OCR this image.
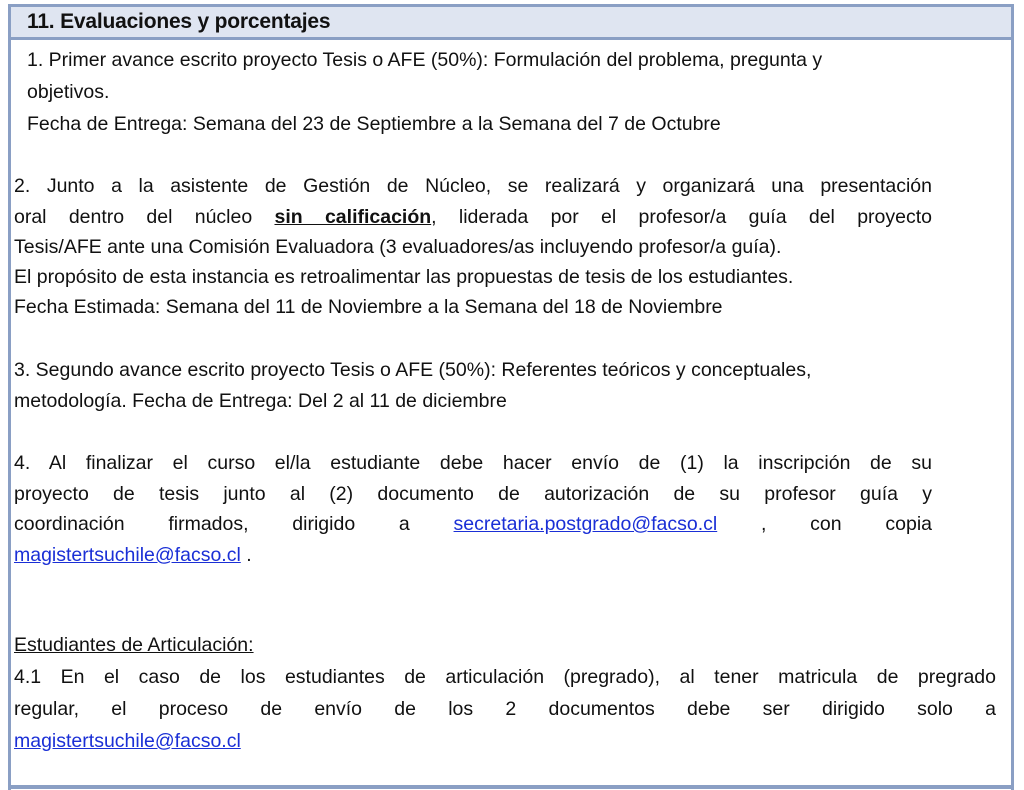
11. Evaluaciones y porcentajes
1. Primer avance escrito proyecto Tesis o AFE (50%): Formulación del problema, pregunta y
objetivos.
Fecha de Entrega: Semana del 23 de Septiembre a la Semana del 7 de Octubre
2. Junto a la asistente de Gestión de Núcleo, se realizará y organizará una presentación
oral dentro del núcleo sin calificación, liderada por el profesor/a guía del proyecto
Tesis/AFE ante una Comisión Evaluadora (3 evaluadores/as incluyendo profesor/a guía).
El propósito de esta instancia es retroalimentar las propuestas de tesis de los estudiantes.
Fecha Estimada: Semana del 11 de Noviembre a la Semana del 18 de Noviembre
3. Segundo avance escrito proyecto Tesis o AFE (50%): Referentes teóricos y conceptuales,
metodología. Fecha de Entrega: Del 2 al 11 de diciembre
4. Al finalizar el curso el/la estudiante debe hacer envío de (1) la inscripción de su
proyecto de tesis junto al (2) documento de autorización de su profesor guía y
coordinación firmados, dirigido a secretaria.postgrado@facso.cl , con copia
magistertsuchile@facso.cl .
Estudiantes de Articulación:
4.1 En el caso de los estudiantes de articulación (pregrado), al tener matricula de pregrado
regular, el proceso de envío de los 2 documentos debe ser dirigido solo a
magistertsuchile@facso.cl
